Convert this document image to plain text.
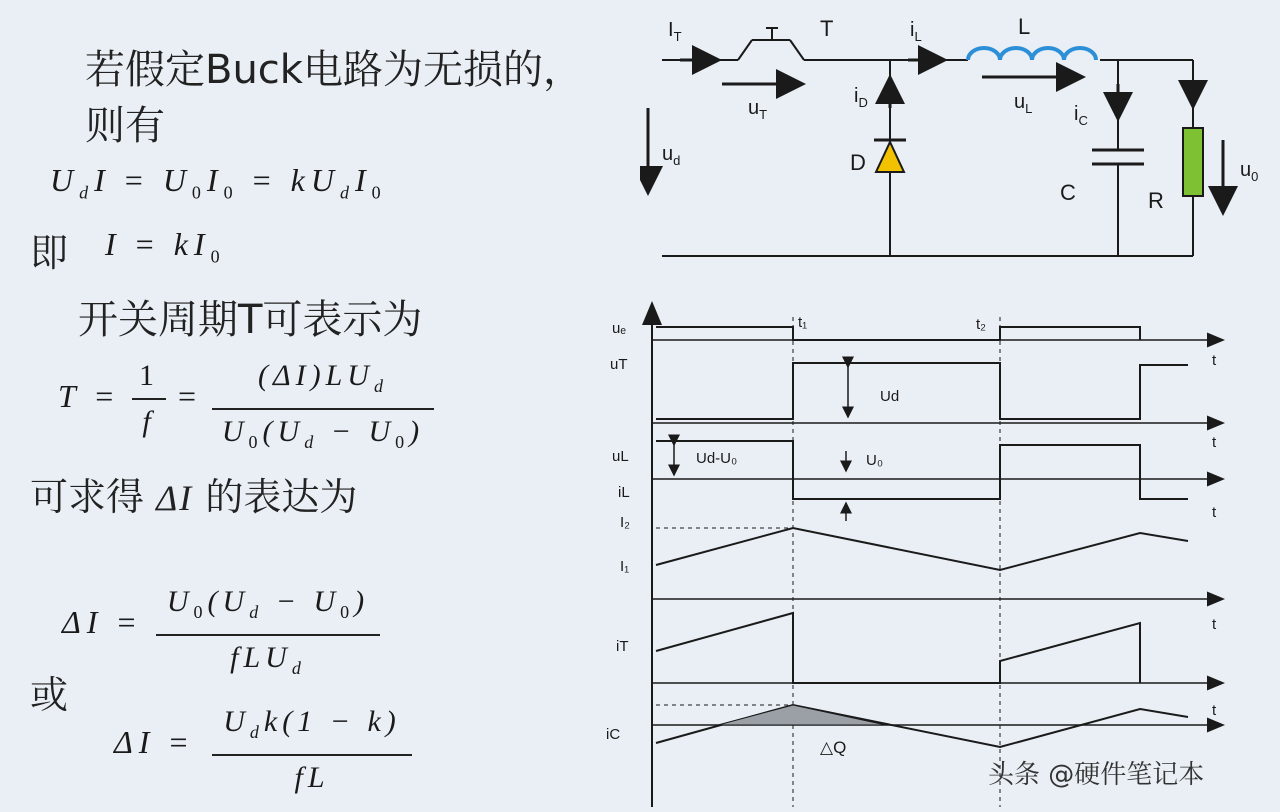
若假定Buck电路为无损的，
则有
$U_dI = U_0I_0 = kU_dI_0$
即 $I = kI_0$
开关周期T可表示为
T =
1
f
=
$(\Delta I)LU_d$
$U_0(U_d - U_0)$
可求得 ΔI 的表达为
ΔI =
$U_0(U_d - U_0)$
fLU$_d$
或
ΔI =
$U_dk(1 - k)$
fL
$I_T$	T	$i_L$	L
$u_T$
$i_D$	$u_L$ $i_C$
$u_d$	D
C	R
$u_0$
t₁	t₂
uₑ
uT
uL
iL
I₂
I₁
iT
iC
Ud
Ud-U₀	U₀
△Q
t
t
t
t
t
头条 @硬件笔记本
